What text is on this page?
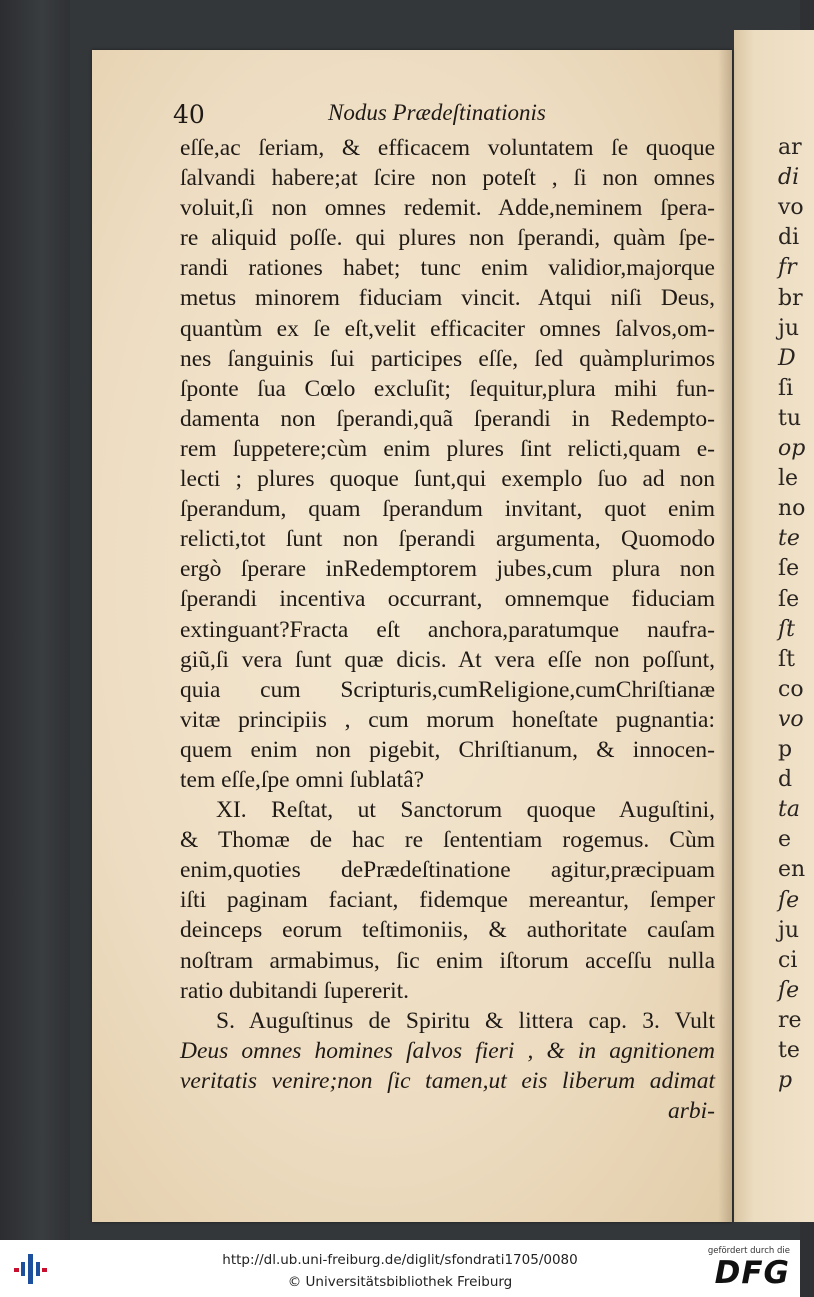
ar
di
vo
di
fr
br
ju
D
ſi
tu
op
le
no
te
ſe
ſe
ſt
ſt
co
vo
p
d
ta
e
en
ſe
ju
ci
ſe
re
te
p
40	Nodus Prædeſtinationis
eſſe,ac ſeriam, & efficacem voluntatem ſe quoque
ſalvandi habere;at ſcire non poteſt , ſi non omnes
voluit,ſi non omnes redemit. Adde,neminem ſpera-
re aliquid poſſe. qui plures non ſperandi, quàm ſpe-
randi rationes habet; tunc enim validior,majorque
metus minorem fiduciam vincit. Atqui niſi Deus,
quantùm ex ſe eſt,velit efficaciter omnes ſalvos,om-
nes ſanguinis ſui participes eſſe, ſed quàmplurimos
ſponte ſua Cœlo excluſit; ſequitur,plura mihi fun-
damenta non ſperandi,quã ſperandi in Redempto-
rem ſuppetere;cùm enim plures ſint relicti,quam e-
lecti ; plures quoque ſunt,qui exemplo ſuo ad non
ſperandum, quam ſperandum invitant, quot enim
relicti,tot ſunt non ſperandi argumenta, Quomodo
ergò ſperare inRedemptorem jubes,cum plura non
ſperandi incentiva occurrant, omnemque fiduciam
extinguant?Fracta eſt anchora,paratumque naufra-
giũ,ſi vera ſunt quæ dicis. At vera eſſe non poſſunt,
quia cum Scripturis,cumReligione,cumChriſtianæ
vitæ principiis , cum morum honeſtate pugnantia:
quem enim non pigebit, Chriſtianum, & innocen-
tem eſſe,ſpe omni ſublatâ?
XI. Reſtat, ut Sanctorum quoque Auguſtini,
& Thomæ de hac re ſententiam rogemus. Cùm
enim,quoties dePrædeſtinatione agitur,præcipuam
iſti paginam faciant, fidemque mereantur, ſemper
deinceps eorum teſtimoniis, & authoritate cauſam
noſtram armabimus, ſic enim iſtorum acceſſu nulla
ratio dubitandi ſupererit.
S. Auguſtinus de Spiritu & littera cap. 3. Vult
Deus omnes homines ſalvos fieri , & in agnitionem
veritatis venire;non ſic tamen,ut eis liberum adimat
arbi-
http://dl.ub.uni-freiburg.de/diglit/sfondrati1705/0080
© Universitätsbibliothek Freiburg
gefördert durch die
DFG
